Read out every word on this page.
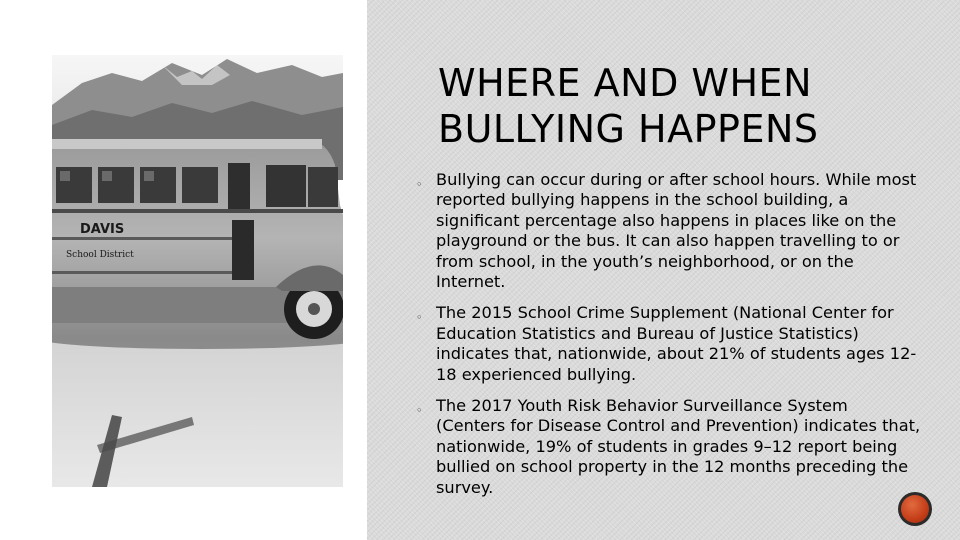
DAVIS
School District
WHERE AND WHEN
BULLYING HAPPENS
◦ Bullying can occur during or after school hours. While most reported bullying happens in the school building, a significant percentage also happens in places like on the playground or the bus. It can also happen travelling to or from school, in the youth’s neighborhood, or on the Internet.
◦ The 2015 School Crime Supplement (National Center for Education Statistics and Bureau of Justice Statistics) indicates that, nationwide, about 21% of students ages 12-18 experienced bullying.
◦ The 2017 Youth Risk Behavior Surveillance System (Centers for Disease Control and Prevention) indicates that, nationwide, 19% of students in grades 9–12 report being bullied on school property in the 12 months preceding the survey.
